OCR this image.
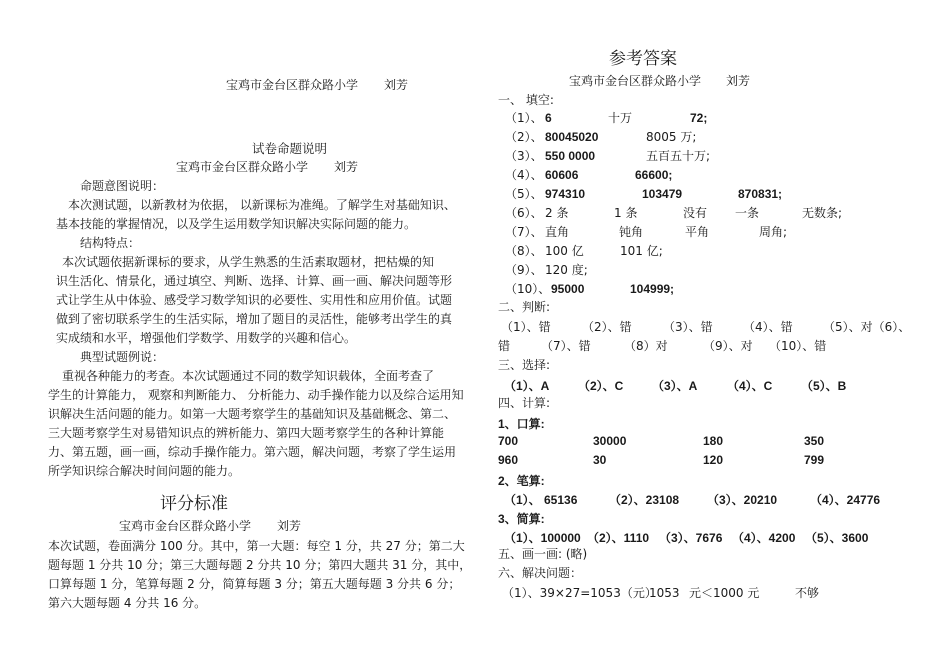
宝鸡市金台区群众路小学 刘芳
试卷命题说明
宝鸡市金台区群众路小学 刘芳
命题意图说明：
本次测试题，以新教材为依据， 以新课标为准绳。了解学生对基础知识、
基本技能的掌握情况，以及学生运用数学知识解决实际问题的能力。
结构特点：
本次试题依据新课标的要求，从学生熟悉的生活素取题材，把枯燥的知
识生活化、情景化，通过填空、判断、选择、计算、画一画、解决问题等形
式让学生从中体验、感受学习数学知识的必要性、实用性和应用价值。试题
做到了密切联系学生的生活实际，增加了题目的灵活性，能够考出学生的真
实成绩和水平，增强他们学数学、用数学的兴趣和信心。
典型试题例说：
重视各种能力的考查。本次试题通过不同的数学知识载体，全面考查了
学生的计算能力， 观察和判断能力、 分析能力、动手操作能力以及综合运用知
识解决生活问题的能力。如第一大题考察学生的基础知识及基础概念、第二、
三大题考察学生对易错知识点的辨析能力、第四大题考察学生的各种计算能
力、第五题，画一画，综动手操作能力。第六题，解决问题，考察了学生运用
所学知识综合解决时间问题的能力。
评分标准
宝鸡市金台区群众路小学 刘芳
本次试题，卷面满分 100 分。其中，第一大题：每空 1 分，共 27 分；第二大
题每题 1 分共 10 分；第三大题每题 2 分共 10 分；第四大题共 31 分，其中，
口算每题 1 分，笔算每题 2 分，简算每题 3 分；第五大题每题 3 分共 6 分；
第六大题每题 4 分共 16 分。
参考答案
宝鸡市金台区群众路小学 刘芳
一、 填空:
（1）、 6	十万	72;
（2）、 80045020	8005 万;
（3）、 550 0000	五百五十万;
（4）、 60606	66600;
（5）、 974310	103479	870831;
（6）、 2 条	1 条	没有 一条	无数条;
（7）、 直角	钝角	平角	周角;
（8）、 100 亿	101 亿;
（9）、 120 度;
（10）、 95000	104999;
二、判断:
（1）、错	（2）、错	（3）、错	（4）、错	（5）、对（6）、
错	（7）、错	（8）对	（9）、对 （10）、错
三、选择:
（1）、A （2）、C （3）、A （4）、C （5）、B
四、计算:
1、口算:
700	30000	180	350
960	30	120	799
2、笔算:
（1）、 65136	（2）、23108 （3）、20210	（4）、24776
3、简算:
（1）、100000 （2）、1110 （3）、7676 （4）、4200 （5）、3600
五、画一画: (略)
六、解决问题：
（1）、39×27=1053（元）
1053 元＜1000 元	不够
